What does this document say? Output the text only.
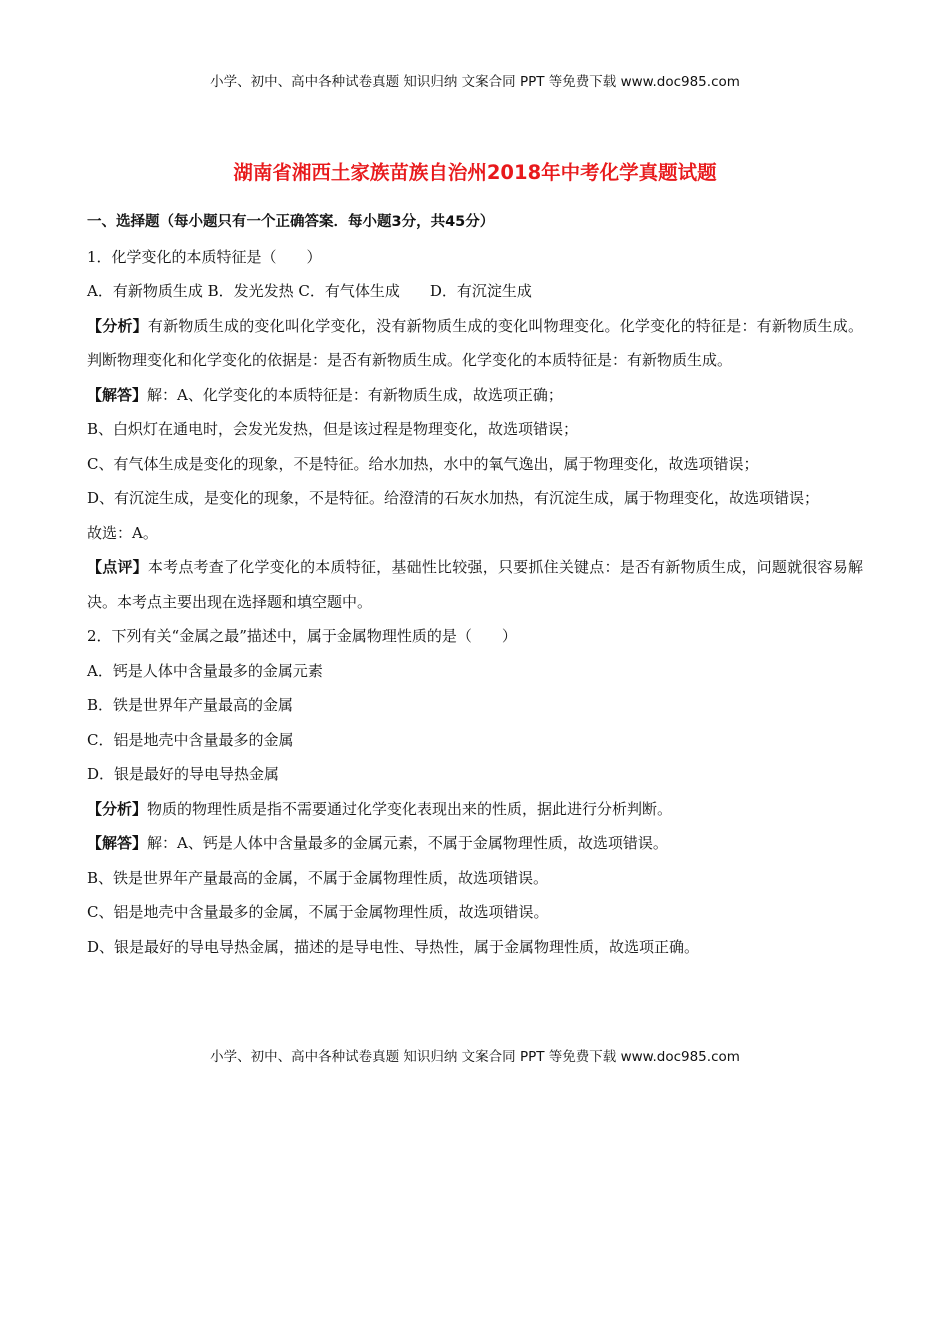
小学、初中、高中各种试卷真题 知识归纳 文案合同 PPT 等免费下载 www.doc985.com
湖南省湘西土家族苗族自治州2018年中考化学真题试题
一、选择题（每小题只有一个正确答案．每小题3分，共45分）
1．化学变化的本质特征是（　　）
A．有新物质生成 B．发光发热 C．有气体生成　　D．有沉淀生成
【分析】有新物质生成的变化叫化学变化，没有新物质生成的变化叫物理变化。化学变化的特征是：有新物质生成。判断物理变化和化学变化的依据是：是否有新物质生成。化学变化的本质特征是：有新物质生成。
【解答】解：A、化学变化的本质特征是：有新物质生成，故选项正确；
B、白炽灯在通电时，会发光发热，但是该过程是物理变化，故选项错误；
C、有气体生成是变化的现象，不是特征。给水加热，水中的氧气逸出，属于物理变化，故选项错误；
D、有沉淀生成，是变化的现象，不是特征。给澄清的石灰水加热，有沉淀生成，属于物理变化，故选项错误；
故选：A。
【点评】本考点考查了化学变化的本质特征，基础性比较强，只要抓住关键点：是否有新物质生成，问题就很容易解决。本考点主要出现在选择题和填空题中。
2．下列有关“金属之最”描述中，属于金属物理性质的是（　　）
A．钙是人体中含量最多的金属元素
B．铁是世界年产量最高的金属
C．铝是地壳中含量最多的金属
D．银是最好的导电导热金属
【分析】物质的物理性质是指不需要通过化学变化表现出来的性质，据此进行分析判断。
【解答】解：A、钙是人体中含量最多的金属元素，不属于金属物理性质，故选项错误。
B、铁是世界年产量最高的金属，不属于金属物理性质，故选项错误。
C、铝是地壳中含量最多的金属，不属于金属物理性质，故选项错误。
D、银是最好的导电导热金属，描述的是导电性、导热性，属于金属物理性质，故选项正确。
小学、初中、高中各种试卷真题 知识归纳 文案合同 PPT 等免费下载 www.doc985.com
